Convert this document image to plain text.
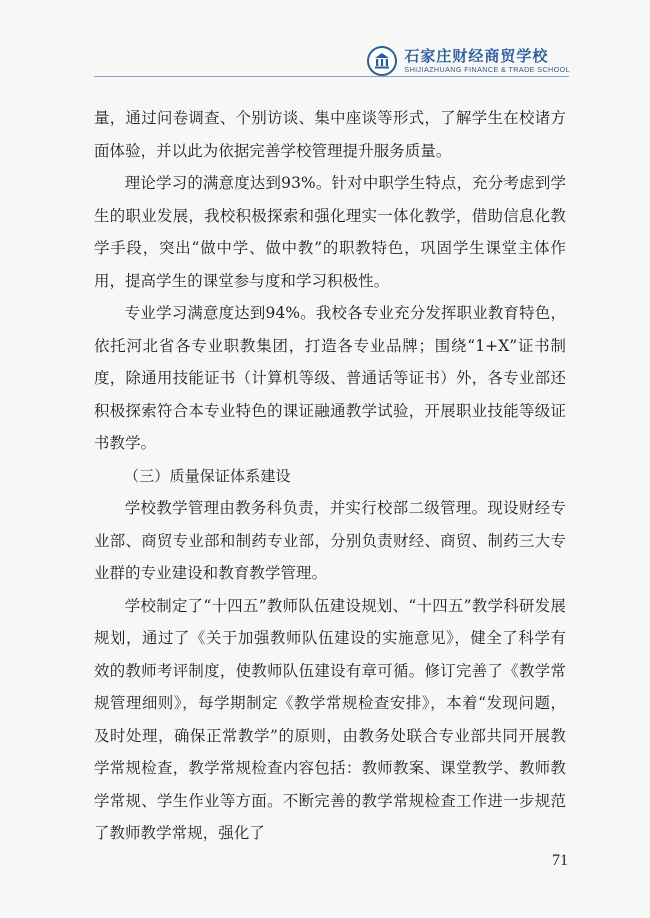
石家庄财经商贸学校
SHIJIAZHUANG FINANCE & TRADE SCHOOL

量，通过问卷调查、个别访谈、集中座谈等形式，了解学生在校诸方面体验，并以此为依据完善学校管理提升服务质量。

理论学习的满意度达到93%。针对中职学生特点，充分考虑到学生的职业发展，我校积极探索和强化理实一体化教学，借助信息化教学手段，突出“做中学、做中教”的职教特色，巩固学生课堂主体作用，提高学生的课堂参与度和学习积极性。

专业学习满意度达到94%。我校各专业充分发挥职业教育特色，依托河北省各专业职教集团，打造各专业品牌；围绕“1+X”证书制度，除通用技能证书（计算机等级、普通话等证书）外，各专业部还积极探索符合本专业特色的课证融通教学试验，开展职业技能等级证书教学。

（三）质量保证体系建设

学校教学管理由教务科负责，并实行校部二级管理。现设财经专业部、商贸专业部和制药专业部，分别负责财经、商贸、制药三大专业群的专业建设和教育教学管理。

学校制定了“十四五”教师队伍建设规划、“十四五”教学科研发展规划，通过了《关于加强教师队伍建设的实施意见》，健全了科学有效的教师考评制度，使教师队伍建设有章可循。修订完善了《教学常规管理细则》，每学期制定《教学常规检查安排》，本着“发现问题，及时处理，确保正常教学”的原则，由教务处联合专业部共同开展教学常规检查，教学常规检查内容包括：教师教案、课堂教学、教师教学常规、学生作业等方面。不断完善的教学常规检查工作进一步规范了教师教学常规，强化了

71
